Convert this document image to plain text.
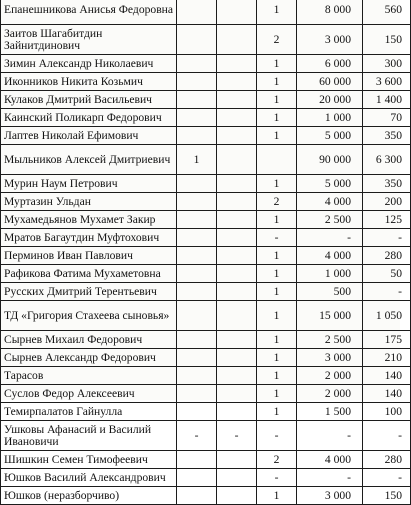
Епанешникова Анисья Федоровна			1	8 000	560
Заитов Шагабитдин Зайнитдинович			2	3 000	150
Зимин Александр Николаевич			1	6 000	300
Иконников Никита Козьмич			1	60 000	3 600
Кулаков Дмитрий Васильевич			1	20 000	1 400
Каинский Поликарп Федорович			1	1 000	70
Лаптев Николай Ефимович			1	5 000	350
Мыльников Алексей Дмитриевич	1			90 000	6 300
Мурин Наум Петрович			1	5 000	350
Муртазин Ульдан			2	4 000	200
Мухамедьянов Мухамет Закир			1	2 500	125
Мратов Багаутдин Муфтохович			-	-	-
Перминов Иван Павлович			1	4 000	280
Рафикова Фатима Мухаметовна			1	1 000	50
Русских Дмитрий Терентьевич			1	500	-
ТД «Григория Стахеева сыновья»			1	15 000	1 050
Сырнев Михаил Федорович			1	2 500	175
Сырнев Александр Федорович			1	3 000	210
Тарасов			1	2 000	140
Суслов Федор Алексеевич			1	2 000	140
Темирпалатов Гайнулла			1	1 500	100
Ушковы Афанасий и Василий Ивановичи	-	-	-	-	-
Шишкин Семен Тимофеевич			2	4 000	280
Юшков Василий Александрович			-	-	-
Юшков (неразборчиво)			1	3 000	150
